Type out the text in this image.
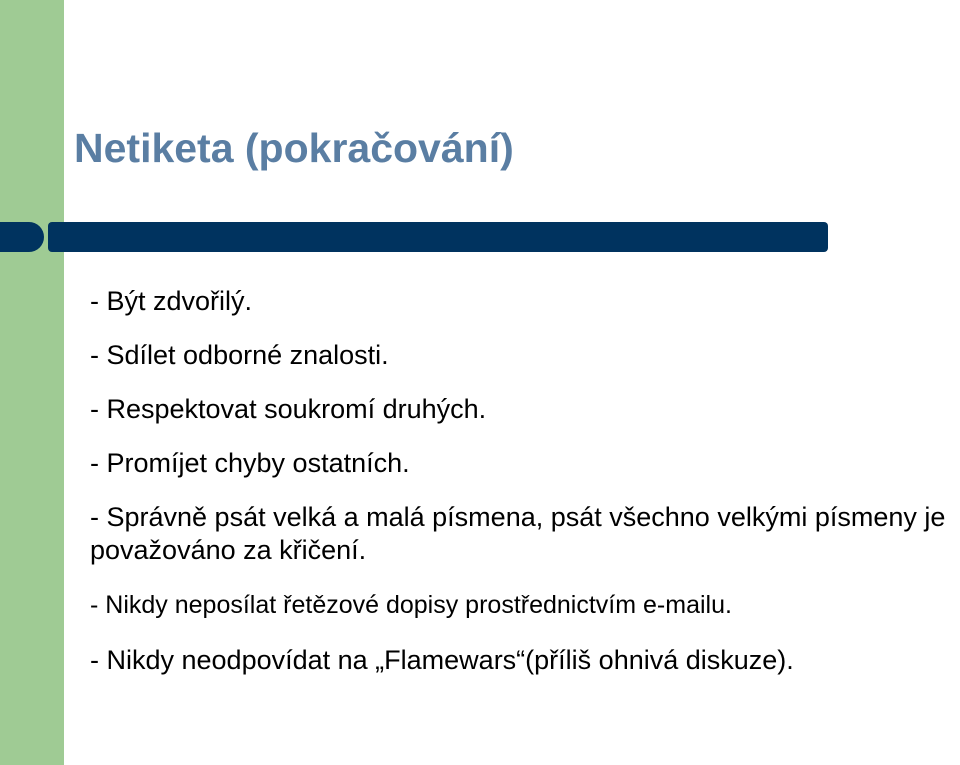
Netiketa (pokračování)
- Být zdvořilý.
- Sdílet odborné znalosti.
- Respektovat soukromí druhých.
- Promíjet chyby ostatních.
- Správně psát velká a malá písmena, psát všechno velkými písmeny je považováno za křičení.
- Nikdy neposílat řetězové dopisy prostřednictvím e-mailu.
- Nikdy neodpovídat na „Flamewars“(příliš ohnivá diskuze).
